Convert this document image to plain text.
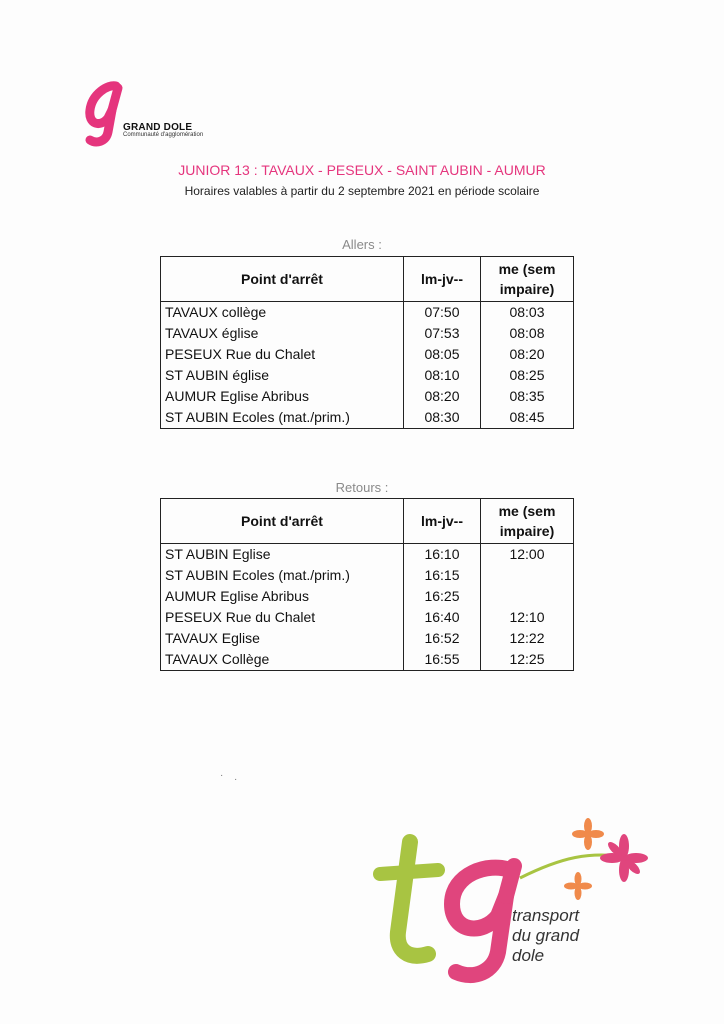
GRAND DOLE
Communauté d'agglomération
JUNIOR 13 : TAVAUX - PESEUX - SAINT AUBIN - AUMUR
Horaires valables à partir du 2 septembre 2021 en période scolaire
Allers :
Point d'arrêt	lm-jv--	me (sem impaire)
TAVAUX collège	07:50	08:03
TAVAUX église	07:53	08:08
PESEUX Rue du Chalet	08:05	08:20
ST AUBIN église	08:10	08:25
AUMUR Eglise Abribus	08:20	08:35
ST AUBIN Ecoles (mat./prim.)	08:30	08:45
Retours :
Point d'arrêt	lm-jv--	me (sem impaire)
ST AUBIN Eglise	16:10	12:00
ST AUBIN Ecoles (mat./prim.)	16:15	
AUMUR Eglise Abribus	16:25	
PESEUX Rue du Chalet	16:40	12:10
TAVAUX Eglise	16:52	12:22
TAVAUX Collège	16:55	12:25
· ·
transport
du grand
dole
